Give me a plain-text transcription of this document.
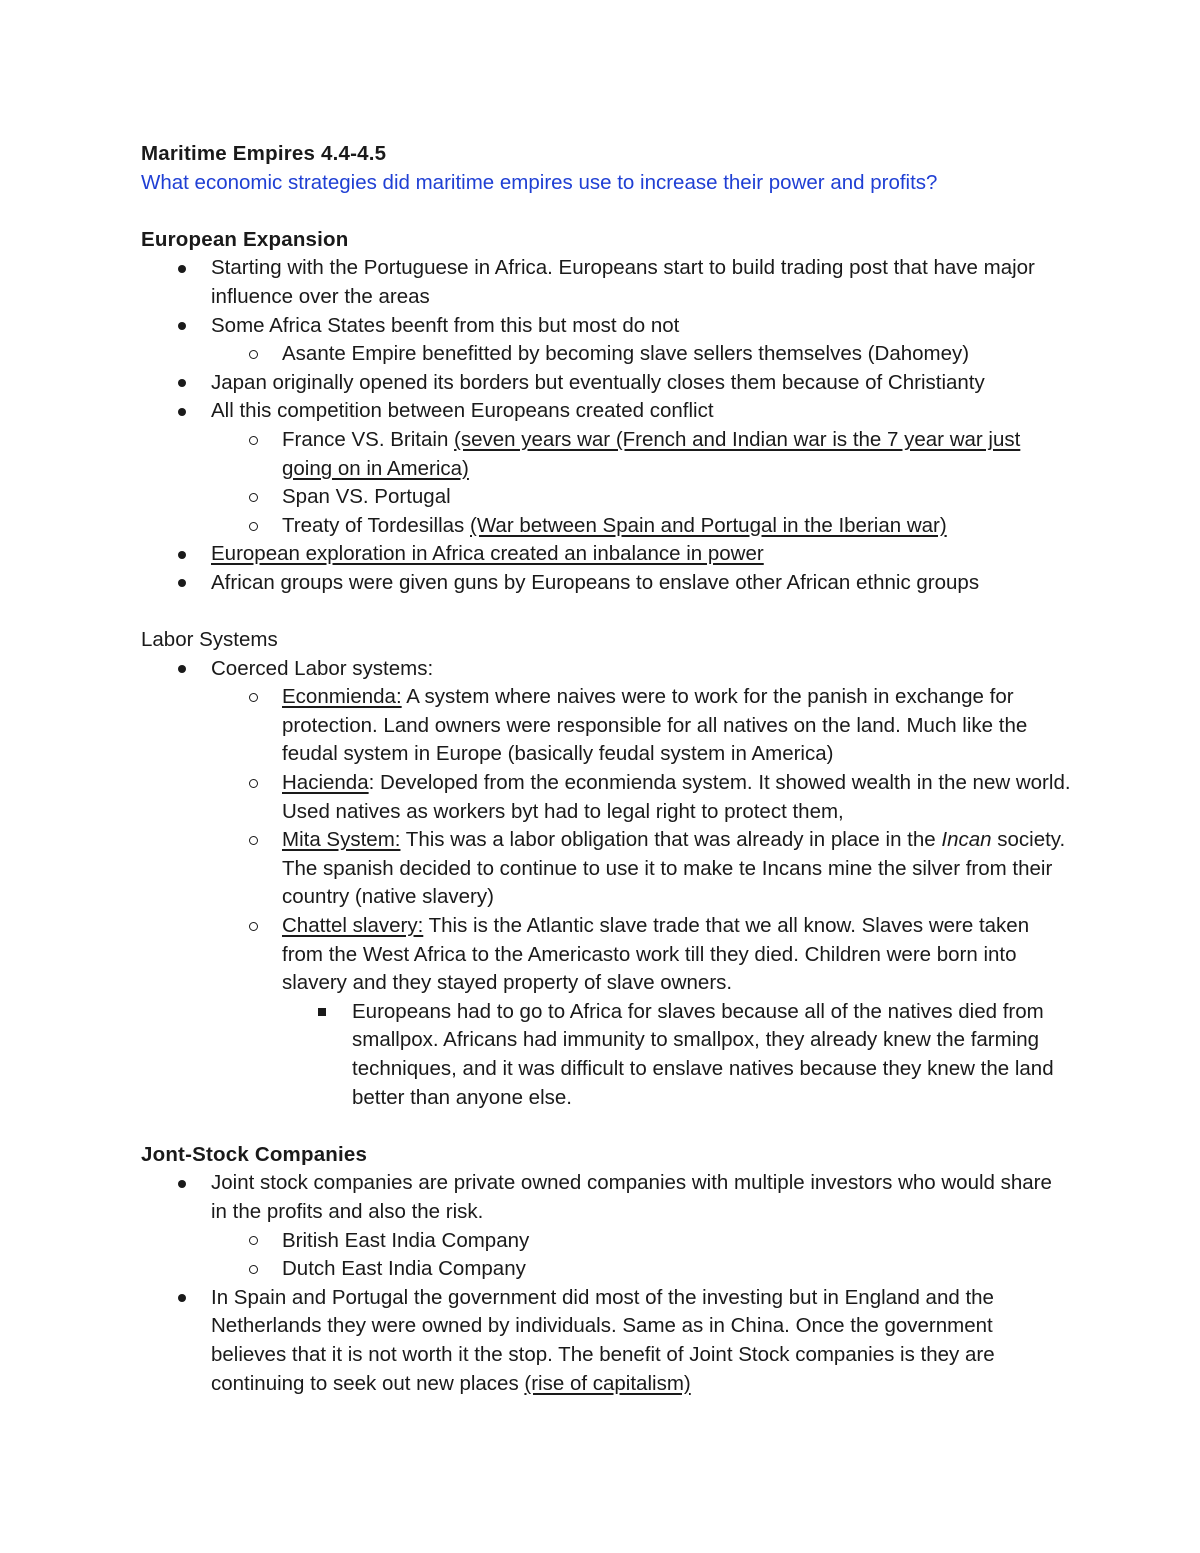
Maritime Empires 4.4-4.5

What economic strategies did maritime empires use to increase their power and profits?

European Expansion

Starting with the Portuguese in Africa. Europeans start to build trading post that have major influence over the areas
Some Africa States beenft from this but most do not
Asante Empire benefitted by becoming slave sellers themselves (Dahomey)
Japan originally opened its borders but eventually closes them because of Christianty
All this competition between Europeans created conflict
France VS. Britain (seven years war (French and Indian war is the 7 year war just going on in America)
Span VS. Portugal
Treaty of Tordesillas (War between Spain and Portugal in the Iberian war)
European exploration in Africa created an inbalance in power
African groups were given guns by Europeans to enslave other African ethnic groups

Labor Systems

Coerced Labor systems:
Econmienda: A system where naives were to work for the panish in exchange for protection. Land owners were responsible for all natives on the land. Much like the feudal system in Europe (basically feudal system in America)
Hacienda: Developed from the econmienda system. It showed wealth in the new world. Used natives as workers byt had to legal right to protect them,
Mita System: This was a labor obligation that was already in place in the Incan society. The spanish decided to continue to use it to make te Incans mine the silver from their country (native slavery)
Chattel slavery: This is the Atlantic slave trade that we all know. Slaves were taken from the West Africa to the Americasto work till they died. Children were born into slavery and they stayed property of slave owners.
Europeans had to go to Africa for slaves because all of the natives died from smallpox. Africans had immunity to smallpox, they already knew the farming techniques, and it was difficult to enslave natives because they knew the land better than anyone else.

Jont-Stock Companies

Joint stock companies are private owned companies with multiple investors who would share in the profits and also the risk.
British East India Company
Dutch East India Company
In Spain and Portugal the government did most of the investing but in England and the Netherlands they were owned by individuals. Same as in China. Once the government believes that it is not worth it the stop. The benefit of Joint Stock companies is they are continuing to seek out new places (rise of capitalism)
